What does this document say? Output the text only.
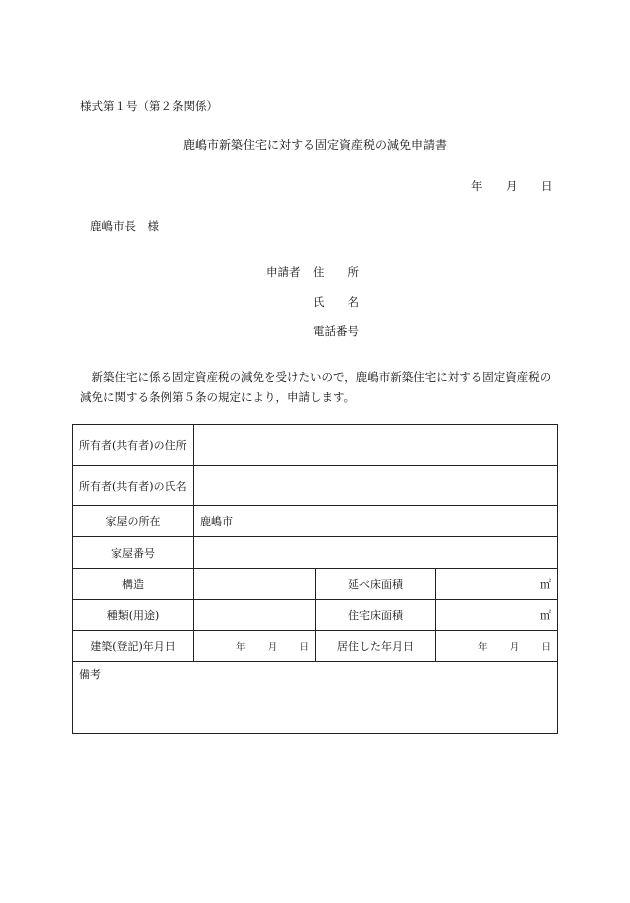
様式第１号（第２条関係）
鹿嶋市新築住宅に対する固定資産税の減免申請書
年 月 日
鹿嶋市長　様
申請者 住　　所
氏　　名
電話番号
新築住宅に係る固定資産税の減免を受けたいので，鹿嶋市新築住宅に対する固定資産税の減免に関する条例第５条の規定により，申請します。
所有者(共有者)の住所			
所有者(共有者)の氏名			
家屋の所在	鹿嶋市		
家屋番号			
構造		延べ床面積	㎡
種類(用途)		住宅床面積	㎡
建築(登記)年月日	年 月 日	居住した年月日	年 月 日

備考			
